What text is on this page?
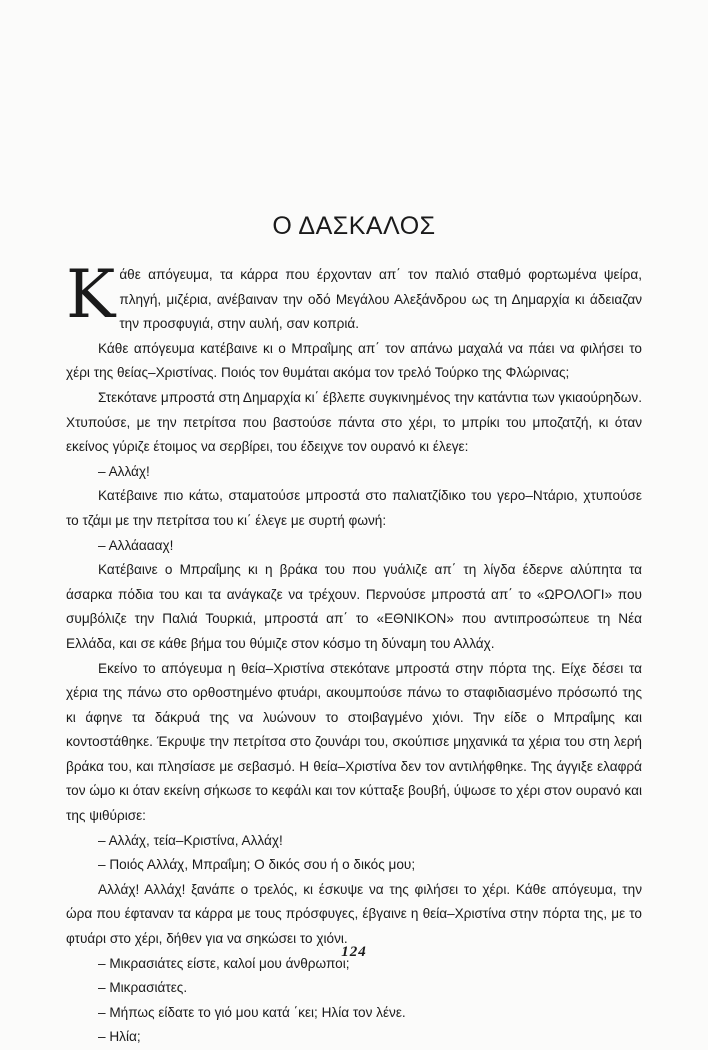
Ο ΔΑΣΚΑΛΟΣ

Κάθε απόγευμα, τα κάρρα που έρχονταν απ΄ τον παλιό σταθμό φορτωμένα ψείρα, πληγή, μιζέρια, ανέβαιναν την οδό Μεγάλου Αλεξάνδρου ως τη Δημαρχία κι άδειαζαν την προσφυγιά, στην αυλή, σαν κοπριά.

Κάθε απόγευμα κατέβαινε κι ο Μπραΐμης απ΄ τον απάνω μαχαλά να πάει να φιλήσει το χέρι της θείας–Χριστίνας. Ποιός τον θυμάται ακόμα τον τρελό Τούρκο της Φλώρινας;

Στεκότανε μπροστά στη Δημαρχία κι΄ έβλεπε συγκινημένος την κατάντια των γκιαούρηδων. Χτυπούσε, με την πετρίτσα που βαστούσε πάντα στο χέρι, το μπρίκι του μποζατζή, κι όταν εκείνος γύριζε έτοιμος να σερβίρει, του έδειχνε τον ουρανό κι έλεγε:

– Αλλάχ!

Κατέβαινε πιο κάτω, σταματούσε μπροστά στο παλιατζίδικο του γερο–Ντάριο, χτυπούσε το τζάμι με την πετρίτσα του κι΄ έλεγε με συρτή φωνή:

– Αλλάαααχ!

Κατέβαινε ο Μπραΐμης κι η βράκα του που γυάλιζε απ΄ τη λίγδα έδερνε αλύπητα τα άσαρκα πόδια του και τα ανάγκαζε να τρέχουν. Περνούσε μπροστά απ΄ το «ΩΡΟΛΟΓΙ» που συμβόλιζε την Παλιά Τουρκιά, μπροστά απ΄ το «ΕΘΝΙΚΟΝ» που αντιπροσώπευε τη Νέα Ελλάδα, και σε κάθε βήμα του θύμιζε στον κόσμο τη δύναμη του Αλλάχ.

Εκείνο το απόγευμα η θεία–Χριστίνα στεκότανε μπροστά στην πόρτα της. Είχε δέσει τα χέρια της πάνω στο ορθοστημένο φτυάρι, ακουμπούσε πάνω το σταφιδιασμένο πρόσωπό της κι άφηνε τα δάκρυά της να λυώνουν το στοιβαγμένο χιόνι. Την είδε ο Μπραΐμης και κοντοστάθηκε. Έκρυψε την πετρίτσα στο ζουνάρι του, σκούπισε μηχανικά τα χέρια του στη λερή βράκα του, και πλησίασε με σεβασμό. Η θεία–Χριστίνα δεν τον αντιλήφθηκε. Της άγγιξε ελαφρά τον ώμο κι όταν εκείνη σήκωσε το κεφάλι και τον κύτταξε βουβή, ύψωσε το χέρι στον ουρανό και της ψιθύρισε:

– Αλλάχ, τεία–Κριστίνα, Αλλάχ!

– Ποιός Αλλάχ, Μπραΐμη; Ο δικός σου ή ο δικός μου;

Αλλάχ! Αλλάχ! ξανάπε ο τρελός, κι έσκυψε να της φιλήσει το χέρι. Κάθε απόγευμα, την ώρα που έφταναν τα κάρρα με τους πρόσφυγες, έβγαινε η θεία–Χριστίνα στην πόρτα της, με το φτυάρι στο χέρι, δήθεν για να σηκώσει το χιόνι.

– Μικρασιάτες είστε, καλοί μου άνθρωποι;

– Μικρασιάτες.

– Μήπως είδατε το γιό μου κατά ΄κει; Ηλία τον λένε.

– Ηλία;

124
